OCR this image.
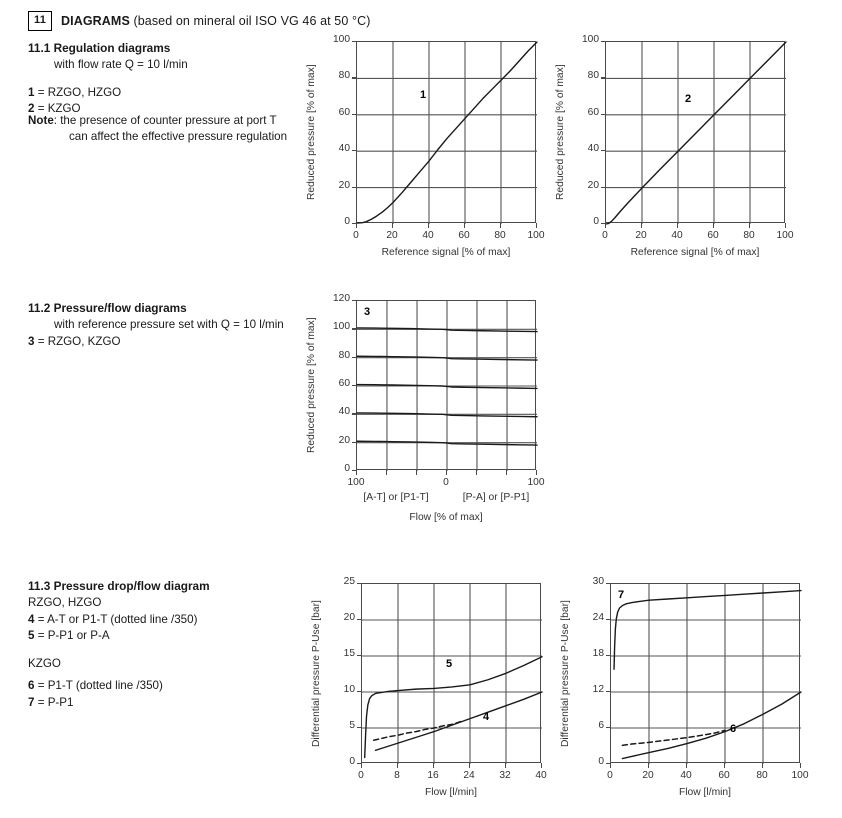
11	DIAGRAMS (based on mineral oil ISO VG 46 at 50 °C)
11.1 Regulation diagrams
with flow rate Q = 10 l/min
1 = RZGO, HZGO
2 = KZGO
Note: the presence of counter pressure at port T
can affect the effective pressure regulation
11.2 Pressure/flow diagrams
with reference pressure set with Q = 10 l/min
3 = RZGO, KZGO
11.3 Pressure drop/flow diagram
RZGO, HZGO
4 = A-T or P1-T (dotted line /350)
5 = P-P1 or P-A
KZGO
6 = P1-T (dotted line /350)
7 = P-P1
0
20
40
60
80
100
0	20	40	60	80	100
Reference signal [% of max]
Reduced pressure [% of max]	1
0
20
40
60
80
100
0	20	40	60	80	100
Reference signal [% of max]
Reduced pressure [% of max]	2
0
20
40
60
80
100
120
100	0	100
[A-T] or [P1-T]	[P-A] or [P-P1]
Flow [% of max]
Reduced pressure [% of max]
3
0
5
10
15
20
25
0	8	16	24	32	40
Flow [l/min]
Differential pressure P-Use [bar]	5
4
0
6
12
18
24
30
0	20	40	60	80	100
Flow [l/min]
Differential pressure P-Use [bar]
7
6
